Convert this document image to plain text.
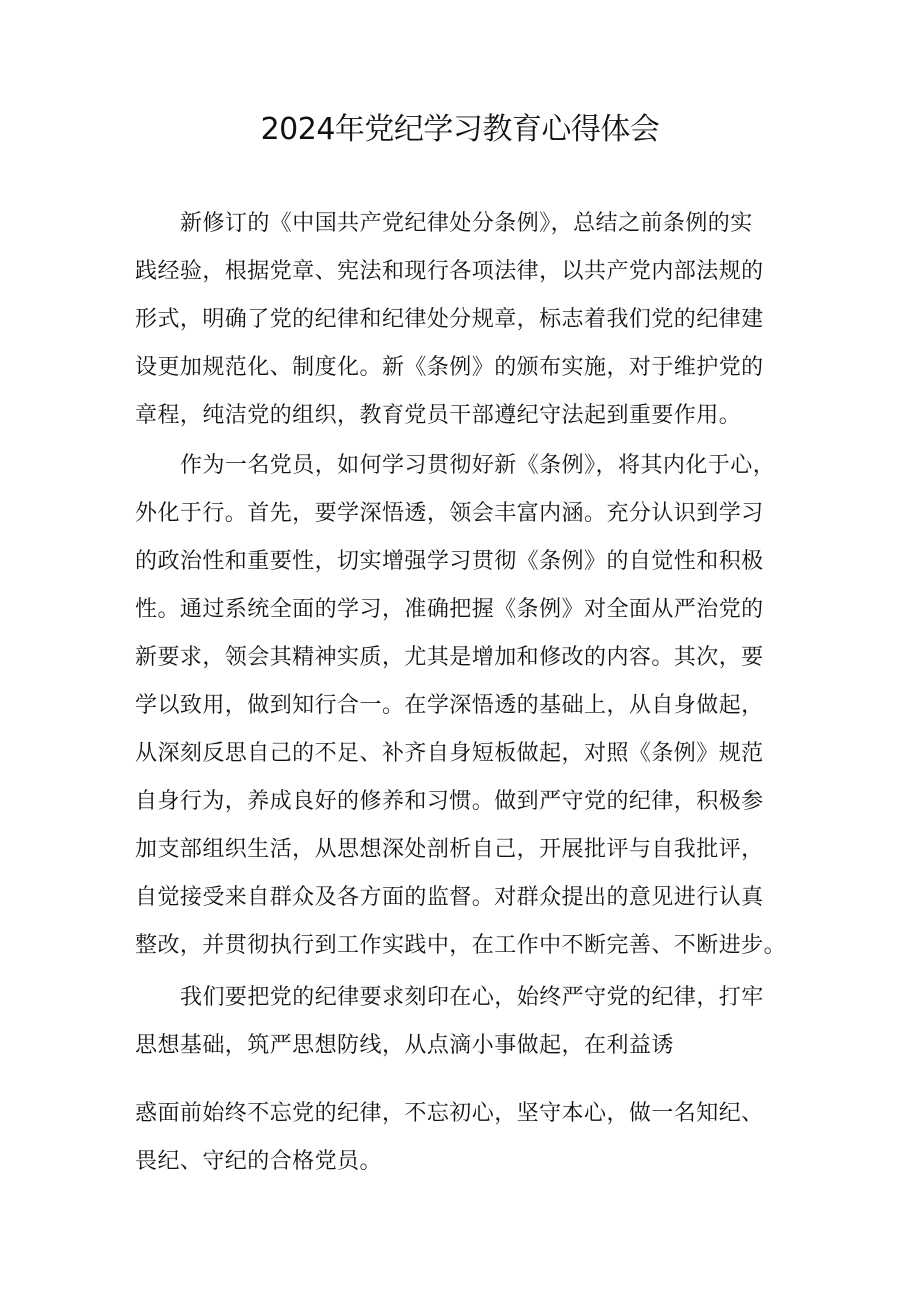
2024年党纪学习教育心得体会

新修订的《中国共产党纪律处分条例》，总结之前条例的实

践经验，根据党章、宪法和现行各项法律，以共产党内部法规的

形式，明确了党的纪律和纪律处分规章，标志着我们党的纪律建

设更加规范化、制度化。新《条例》的颁布实施，对于维护党的

章程，纯洁党的组织，教育党员干部遵纪守法起到重要作用。

作为一名党员，如何学习贯彻好新《条例》，将其内化于心，

外化于行。首先，要学深悟透，领会丰富内涵。充分认识到学习

的政治性和重要性，切实增强学习贯彻《条例》的自觉性和积极

性。通过系统全面的学习，准确把握《条例》对全面从严治党的

新要求，领会其精神实质，尤其是增加和修改的内容。其次，要

学以致用，做到知行合一。在学深悟透的基础上，从自身做起，

从深刻反思自己的不足、补齐自身短板做起，对照《条例》规范

自身行为，养成良好的修养和习惯。做到严守党的纪律，积极参

加支部组织生活，从思想深处剖析自己，开展批评与自我批评，

自觉接受来自群众及各方面的监督。对群众提出的意见进行认真

整改，并贯彻执行到工作实践中，在工作中不断完善、不断进步。

我们要把党的纪律要求刻印在心，始终严守党的纪律，打牢

思想基础，筑严思想防线，从点滴小事做起，在利益诱

惑面前始终不忘党的纪律，不忘初心，坚守本心，做一名知纪、

畏纪、守纪的合格党员。
